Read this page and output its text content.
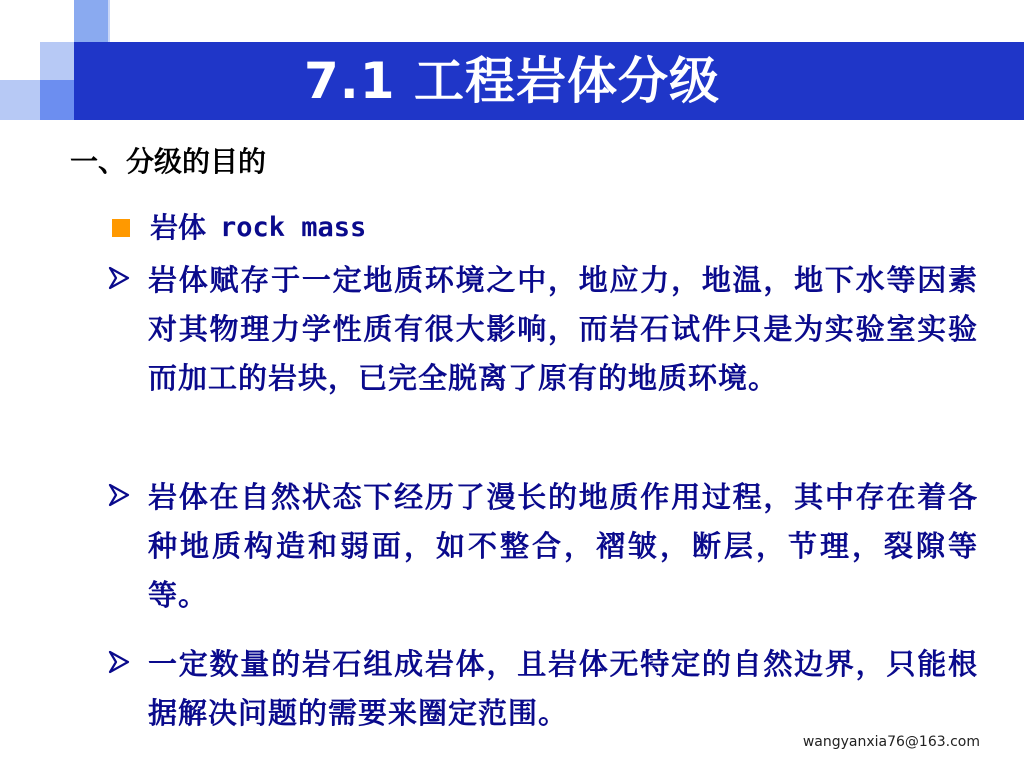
7.1 工程岩体分级
一、分级的目的
岩体 rock mass
岩体赋存于一定地质环境之中，地应力，地温，地下水等因素对其物理力学性质有很大影响，而岩石试件只是为实验室实验而加工的岩块，已完全脱离了原有的地质环境。
岩体在自然状态下经历了漫长的地质作用过程，其中存在着各种地质构造和弱面，如不整合，褶皱，断层，节理，裂隙等等。
一定数量的岩石组成岩体，且岩体无特定的自然边界，只能根据解决问题的需要来圈定范围。
wangyanxia76@163.com
